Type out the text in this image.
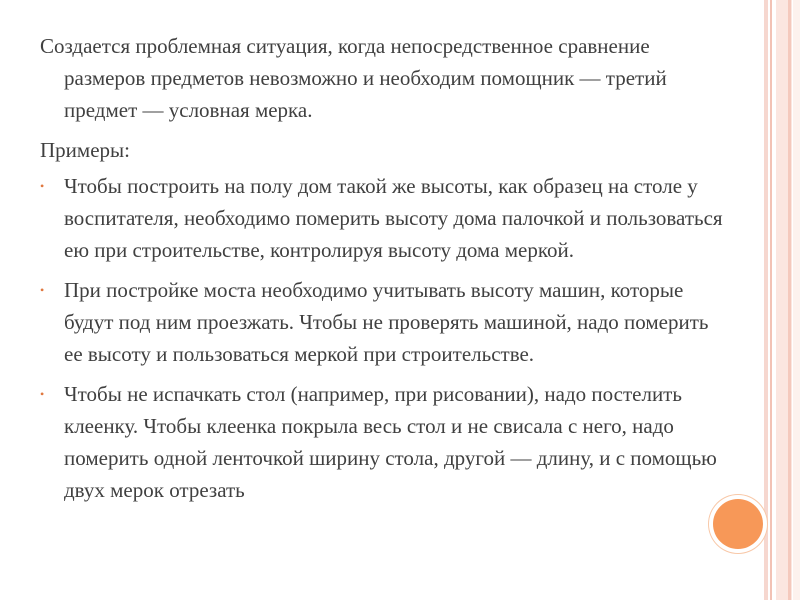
Создается проблемная ситуация, когда непосредственное сравнение размеров предметов невозможно и необходим помощник — третий предмет — условная мерка.

Примеры:

• Чтобы построить на полу дом такой же высоты, как образец на столе у воспитателя, необходимо померить высоту дома палочкой и пользоваться ею при строительстве, контролируя высоту дома меркой.
• При постройке моста необходимо учитывать высоту машин, которые будут под ним проезжать. Чтобы не проверять машиной, надо померить ее высоту и пользоваться меркой при строительстве.
• Чтобы не испачкать стол (например, при рисовании), надо постелить клеенку. Чтобы клеенка покрыла весь стол и не свисала с него, надо померить одной ленточкой ширину стола, другой — длину, и с помощью двух мерок отрезать
